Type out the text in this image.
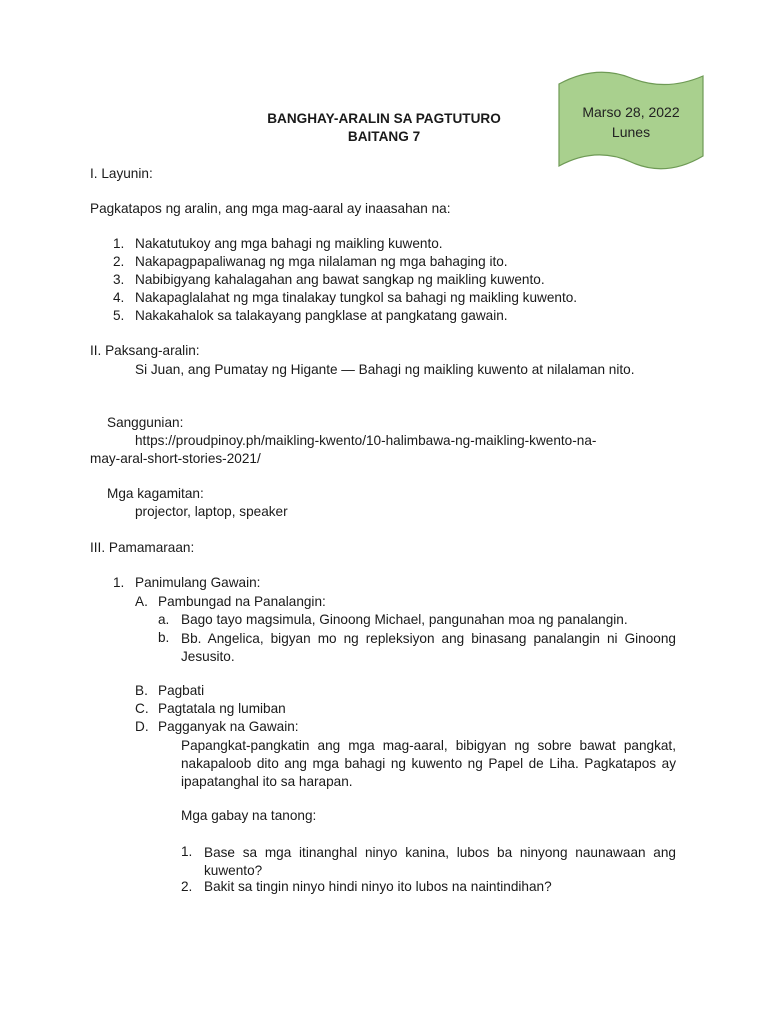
Marso 28, 2022
Lunes
BANGHAY-ARALIN SA PAGTUTURO
BAITANG 7
I. Layunin:
Pagkatapos ng aralin, ang mga mag-aaral ay inaasahan na:
1. Nakatutukoy ang mga bahagi ng maikling kuwento.
2. Nakapagpapaliwanag ng mga nilalaman ng mga bahaging ito.
3. Nabibigyang kahalagahan ang bawat sangkap ng maikling kuwento.
4. Nakapaglalahat ng mga tinalakay tungkol sa bahagi ng maikling kuwento.
5. Nakakahalok sa talakayang pangklase at pangkatang gawain.
II. Paksang-aralin:
Si Juan, ang Pumatay ng Higante — Bahagi ng maikling kuwento at nilalaman nito.
Sanggunian:
https://proudpinoy.ph/maikling-kwento/10-halimbawa-ng-maikling-kwento-na-
may-aral-short-stories-2021/
Mga kagamitan:
projector, laptop, speaker
III. Pamamaraan:
1. Panimulang Gawain:
A. Pambungad na Panalangin:
a. Bago tayo magsimula, Ginoong Michael, pangunahan moa ng panalangin.
b. Bb. Angelica, bigyan mo ng repleksiyon ang binasang panalangin ni Ginoong Jesusito.
B. Pagbati
C. Pagtatala ng lumiban
D. Pagganyak na Gawain:
Papangkat-pangkatin ang mga mag-aaral, bibigyan ng sobre bawat pangkat, nakapaloob dito ang mga bahagi ng kuwento ng Papel de Liha. Pagkatapos ay ipapatanghal ito sa harapan.
Mga gabay na tanong:
1. Base sa mga itinanghal ninyo kanina, lubos ba ninyong naunawaan ang kuwento?
2. Bakit sa tingin ninyo hindi ninyo ito lubos na naintindihan?
